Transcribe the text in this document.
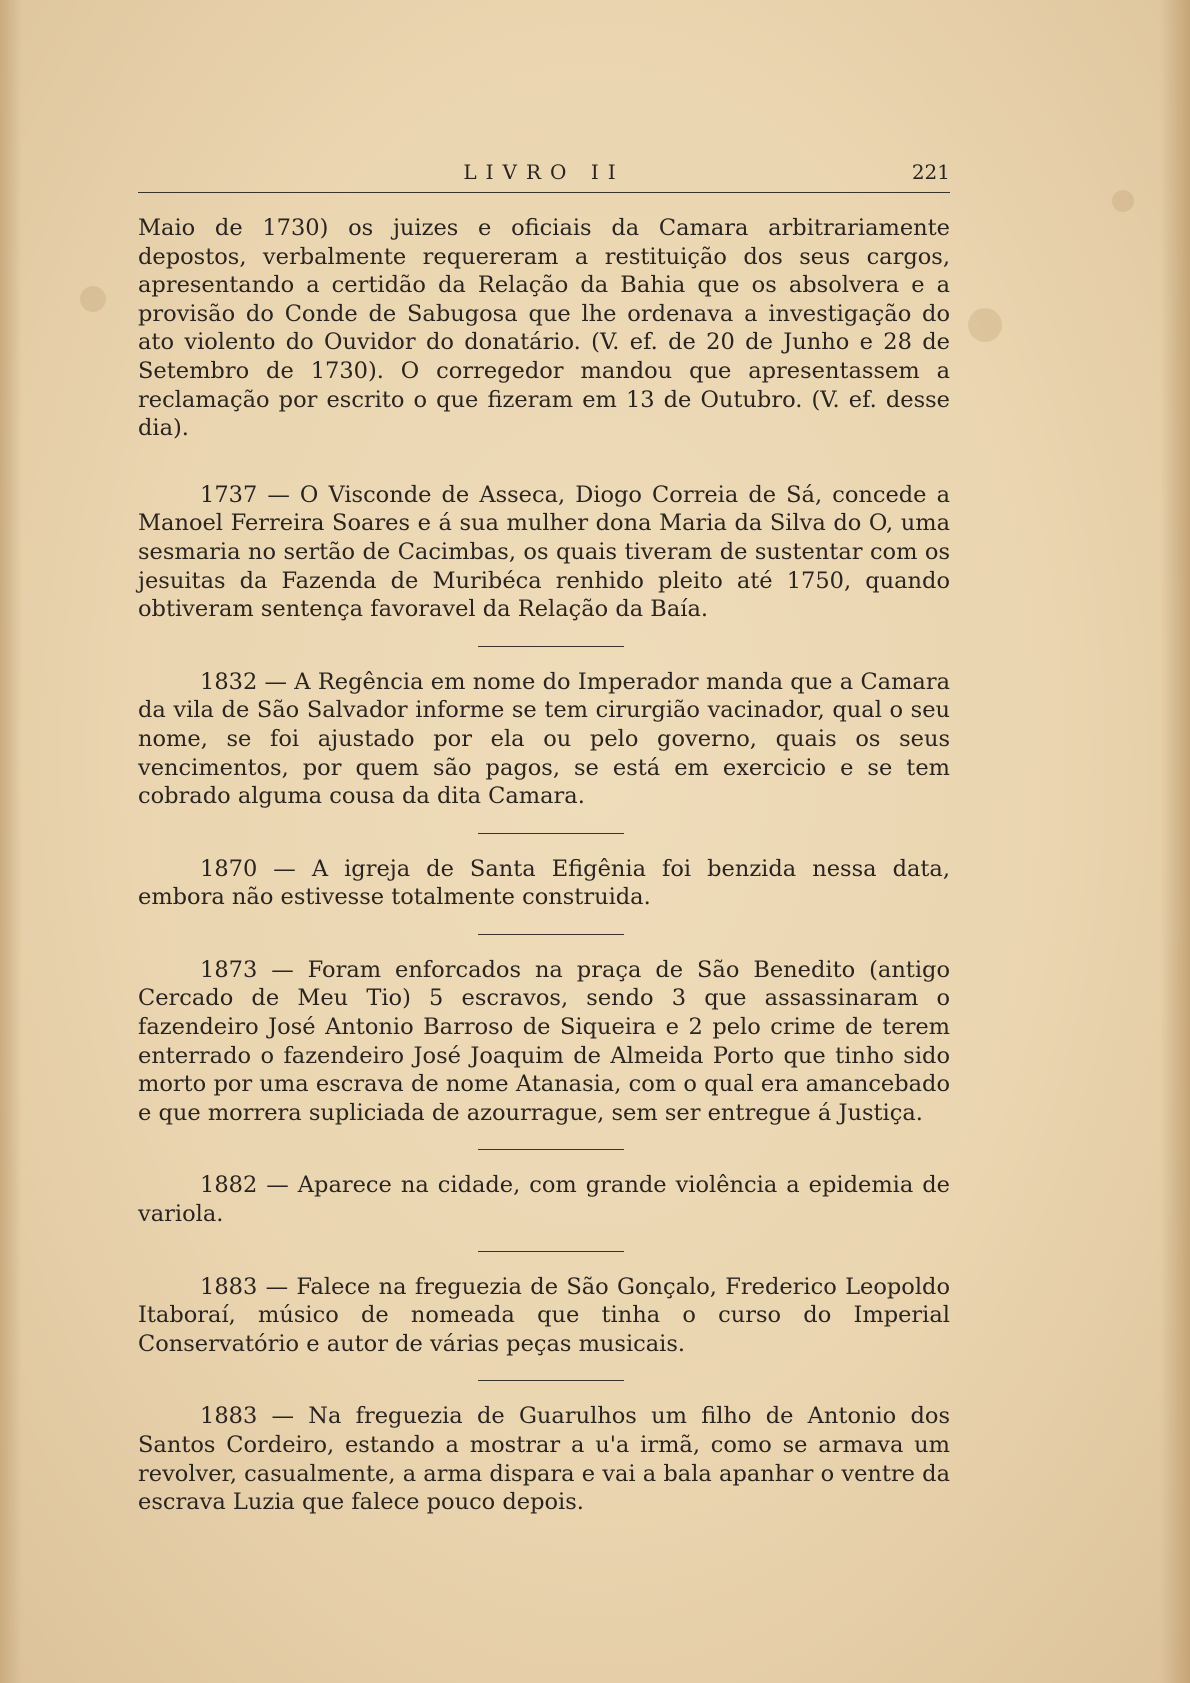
LIVRO II	221

Maio de 1730) os juizes e oficiais da Camara arbitrariamente depostos, verbalmente requereram a restituição dos seus cargos, apresentando a certidão da Relação da Bahia que os absolvera e a provisão do Conde de Sabugosa que lhe ordenava a investigação do ato violento do Ouvidor do donatário. (V. ef. de 20 de Junho e 28 de Setembro de 1730). O corregedor mandou que apresentassem a reclamação por escrito o que fizeram em 13 de Outubro. (V. ef. desse dia).

1737 — O Visconde de Asseca, Diogo Correia de Sá, concede a Manoel Ferreira Soares e á sua mulher dona Maria da Silva do O, uma sesmaria no sertão de Cacimbas, os quais tiveram de sustentar com os jesuitas da Fazenda de Muribéca renhido pleito até 1750, quando obtiveram sentença favoravel da Relação da Baía.

1832 — A Regência em nome do Imperador manda que a Camara da vila de São Salvador informe se tem cirurgião vacinador, qual o seu nome, se foi ajustado por ela ou pelo governo, quais os seus vencimentos, por quem são pagos, se está em exercicio e se tem cobrado alguma cousa da dita Camara.

1870 — A igreja de Santa Efigênia foi benzida nessa data, embora não estivesse totalmente construida.

1873 — Foram enforcados na praça de São Benedito (antigo Cercado de Meu Tio) 5 escravos, sendo 3 que assassinaram o fazendeiro José Antonio Barroso de Siqueira e 2 pelo crime de terem enterrado o fazendeiro José Joaquim de Almeida Porto que tinho sido morto por uma escrava de nome Atanasia, com o qual era amancebado e que morrera supliciada de azourrague, sem ser entregue á Justiça.

1882 — Aparece na cidade, com grande violência a epidemia de variola.

1883 — Falece na freguezia de São Gonçalo, Frederico Leopoldo Itaboraí, músico de nomeada que tinha o curso do Imperial Conservatório e autor de várias peças musicais.

1883 — Na freguezia de Guarulhos um filho de Antonio dos Santos Cordeiro, estando a mostrar a u'a irmã, como se armava um revolver, casualmente, a arma dispara e vai a bala apanhar o ventre da escrava Luzia que falece pouco depois.
